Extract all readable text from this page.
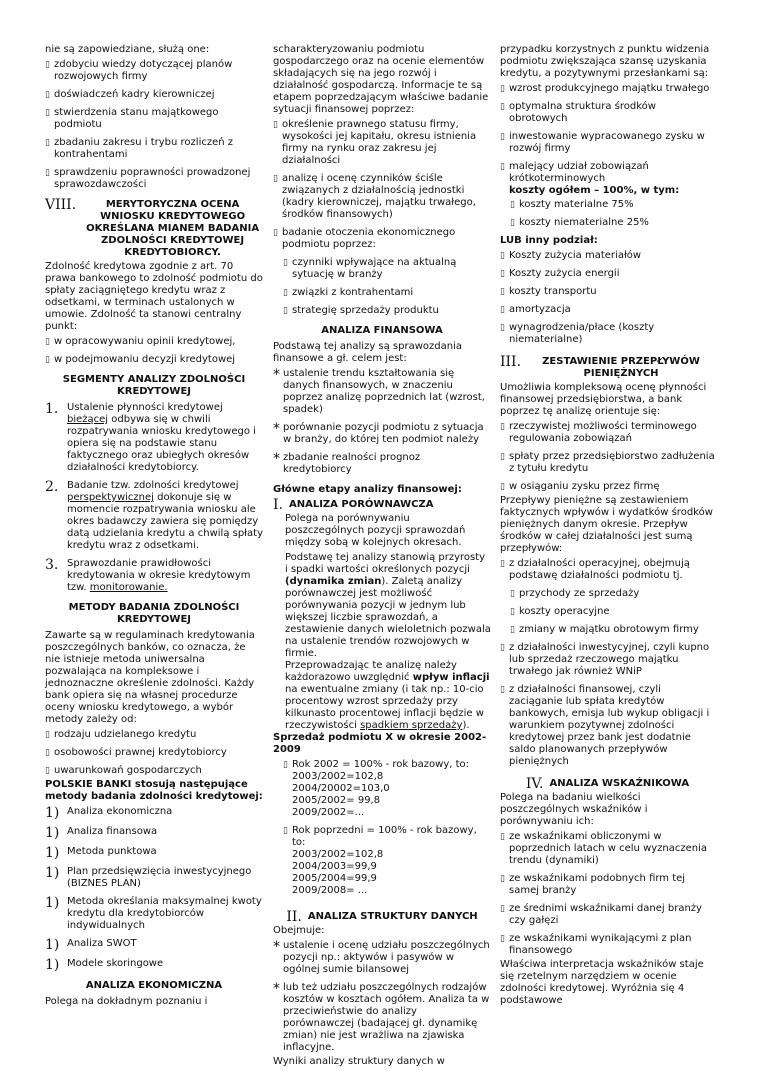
nie są zapowiedziane, służą one:

▯ zdobyciu wiedzy dotyczącej planów rozwojowych firmy
▯ doświadczeń kadry kierowniczej
▯ stwierdzenia stanu majątkowego podmiotu
▯ zbadaniu zakresu i trybu rozliczeń z kontrahentami
▯ sprawdzeniu poprawności prowadzonej sprawozdawczości
VIII.	MERYTORYCZNA OCENA WNIOSKU KREDYTOWEGO OKREŚLANA MIANEM BADANIA ZDOLNOŚCI KREDYTOWEJ KREDYTOBIORCY.

Zdolność kredytowa zgodnie z art. 70 prawa bankowego to zdolność podmiotu do spłaty zaciągniętego kredytu wraz z odsetkami, w terminach ustalonych w umowie. Zdolność ta stanowi centralny punkt:

▯ w opracowywaniu opinii kredytowej,
▯ w podejmowaniu decyzji kredytowej
SEGMENTY ANALIZY ZDOLNOŚCI KREDYTOWEJ
1. Ustalenie płynności kredytowej bieżącej odbywa się w chwili rozpatrywania wniosku kredytowego i opiera się na podstawie stanu faktycznego oraz ubiegłych okresów działalności kredytobiorcy.
2. Badanie tzw. zdolności kredytowej perspektywicznej dokonuje się w momencie rozpatrywania wniosku ale okres badawczy zawiera się pomiędzy datą udzielania kredytu a chwilą spłaty kredytu wraz z odsetkami.
3. Sprawozdanie prawidłowości kredytowania w okresie kredytowym tzw. monitorowanie.
METODY BADANIA ZDOLNOŚCI KREDYTOWEJ

Zawarte są w regulaminach kredytowania poszczególnych banków, co oznacza, że nie istnieje metoda uniwersalna pozwalająca na kompleksowe i jednoznaczne określenie zdolności. Każdy bank opiera się na własnej procedurze oceny wniosku kredytowego, a wybór metody zależy od:

▯ rodzaju udzielanego kredytu
▯ osobowości prawnej kredytobiorcy
▯ uwarunkowań gospodarczych

POLSKIE BANKI stosują następujące metody badania zdolności kredytowej:

1) Analiza ekonomiczna
1) Analiza finansowa
1) Metoda punktowa
1) Plan przedsięwzięcia inwestycyjnego (BIZNES PLAN)
1) Metoda określania maksymalnej kwoty kredytu dla kredytobiorców indywidualnych
1) Analiza SWOT
1) Modele skoringowe
ANALIZA EKONOMICZNA

Polega na dokładnym poznaniu i

scharakteryzowaniu podmiotu gospodarczego oraz na ocenie elementów składających się na jego rozwój i działalność gospodarczą. Informacje te są etapem poprzedzającym właściwe badanie sytuacji finansowej poprzez:

▯ określenie prawnego statusu firmy, wysokości jej kapitału, okresu istnienia firmy na rynku oraz zakresu jej działalności
▯ analizę i ocenę czynników ściśle związanych z działalnością jednostki (kadry kierowniczej, majątku trwałego, środków finansowych)
▯ badanie otoczenia ekonomicznego podmiotu poprzez:
▯ czynniki wpływające na aktualną sytuację w branży
▯ związki z kontrahentami
▯ strategię sprzedaży produktu
ANALIZA FINANSOWA

Podstawą tej analizy są sprawozdania finansowe a gł. celem jest:

* ustalenie trendu kształtowania się danych finansowych, w znaczeniu poprzez analizę poprzednich lat (wzrost, spadek)
* porównanie pozycji podmiotu z sytuacja w branży, do której ten podmiot należy
* zbadanie realności prognoz kredytobiorcy

Główne etapy analizy finansowej:

I. ANALIZA PORÓWNAWCZA

Polega na porównywaniu poszczególnych pozycji sprawozdań między sobą w kolejnych okresach.

Podstawę tej analizy stanowią przyrosty i spadki wartości określonych pozycji (dynamika zmian). Zaletą analizy porównawczej jest możliwość porównywania pozycji w jednym lub większej liczbie sprawozdań, a zestawienie danych wieloletnich pozwala na ustalenie trendów rozwojowych w firmie.

Przeprowadzając te analizę należy każdorazowo uwzględnić wpływ inflacji na ewentualne zmiany (i tak np.: 10-cio procentowy wzrost sprzedaży przy kilkunasto procentowej inflacji będzie w rzeczywistości spadkiem sprzedaży).

Sprzedaż podmiotu X w okresie 2002-2009

▯ Rok 2002 = 100% - rok bazowy, to:
2003/2002=102,8
2004/20002=103,0
2005/2002= 99,8
2009/2002=...
▯ Rok poprzedni = 100% - rok bazowy, to:
2003/2002=102,8
2004/2003=99,9
2005/2004=99,9
2009/2008= ...
II. ANALIZA STRUKTURY DANYCH

Obejmuje:

* ustalenie i ocenę udziału poszczególnych pozycji np.: aktywów i pasywów w ogólnej sumie bilansowej
* lub też udziału poszczególnych rodzajów kosztów w kosztach ogółem. Analiza ta w przeciwieństwie do analizy porównawczej (badającej gł. dynamikę zmian) nie jest wrażliwa na zjawiska inflacyjne.

Wyniki analizy struktury danych w

przypadku korzystnych z punktu widzenia podmiotu zwiększająca szansę uzyskania kredytu, a pozytywnymi przesłankami są:

▯ wzrost produkcyjnego majątku trwałego
▯ optymalna struktura środków obrotowych
▯ inwestowanie wypracowanego zysku w rozwój firmy
▯ malejący udział zobowiązań krótkoterminowych
koszty ogółem – 100%, w tym:
▯ koszty materialne 75%
▯ koszty niematerialne 25%

LUB inny podział:

▯ Koszty zużycia materiałów
▯ Koszty zużycia energii
▯ koszty transportu
▯ amortyzacja
▯ wynagrodzenia/płace (koszty niematerialne)
III.	ZESTAWIENIE PRZEPŁYWÓW PIENIĘŻNYCH

Umożliwia kompleksową ocenę płynności finansowej przedsiębiorstwa, a bank poprzez tę analizę orientuje się:

▯ rzeczywistej możliwości terminowego regulowania zobowiązań
▯ spłaty przez przedsiębiorstwo zadłużenia z tytułu kredytu
▯ w osiąganiu zysku przez firmę

Przepływy pieniężne są zestawieniem faktycznych wpływów i wydatków środków pieniężnych danym okresie. Przepływ środków w całej działalności jest sumą przepływów:

▯ z działalności operacyjnej, obejmują podstawę działalności podmiotu tj.
▯ przychody ze sprzedaży
▯ koszty operacyjne
▯ zmiany w majątku obrotowym firmy
▯ z działalności inwestycyjnej, czyli kupno lub sprzedaż rzeczowego majątku trwałego jak również WNiP
▯ z działalności finansowej, czyli zaciąganie lub spłata kredytów bankowych, emisja lub wykup obligacji i warunkiem pozytywnej zdolności kredytowej przez bank jest dodatnie saldo planowanych przepływów pieniężnych
IV. ANALIZA WSKAŹNIKOWA

Polega na badaniu wielkości poszczególnych wskaźników i porównywaniu ich:

▯ ze wskaźnikami obliczonymi w poprzednich latach w celu wyznaczenia trendu (dynamiki)
▯ ze wskaźnikami podobnych firm tej samej branży
▯ ze średnimi wskaźnikami danej branży czy gałęzi
▯ ze wskaźnikami wynikającymi z plan finansowego

Właściwa interpretacja wskaźników staje się rzetelnym narzędziem w ocenie zdolności kredytowej. Wyróżnia się 4 podstawowe
